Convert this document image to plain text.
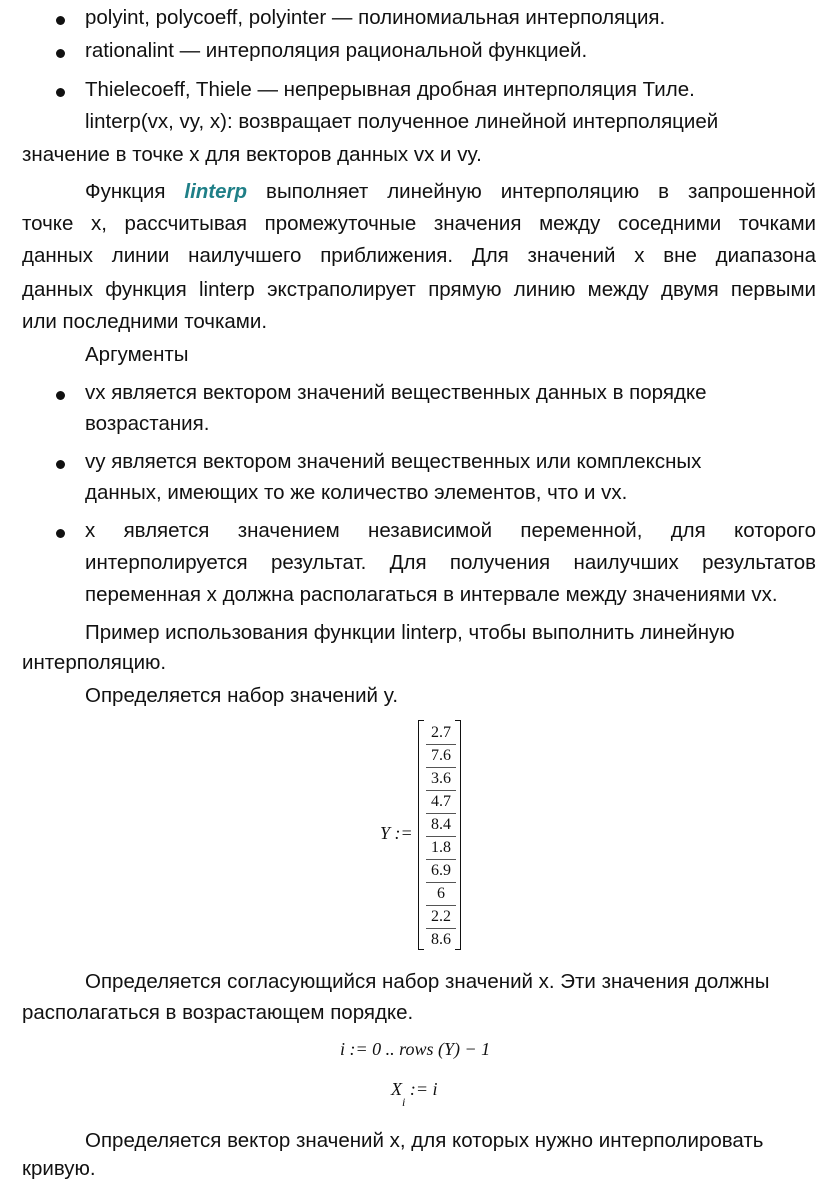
polyint, polycoeff, polyinter — полиномиальная интерполяция.
rationalint — интерполяция рациональной функцией.
Thielecoeff, Thiele — непрерывная дробная интерполяция Тиле.
linterp(vx, vy, x): возвращает полученное линейной интерполяцией
значение в точке x для векторов данных vx и vy.
Функция linterp выполняет линейную интерполяцию в запрошенной
точке x, рассчитывая промежуточные значения между соседними точками
данных линии наилучшего приближения. Для значений x вне диапазона
данных функция linterp экстраполирует прямую линию между двумя первыми
или последними точками.
Аргументы
vx является вектором значений вещественных данных в порядке
возрастания.
vy является вектором значений вещественных или комплексных
данных, имеющих то же количество элементов, что и vx.
x является значением независимой переменной, для которого
интерполируется результат. Для получения наилучших результатов
переменная x должна располагаться в интервале между значениями vx.
Пример использования функции linterp, чтобы выполнить линейную
интерполяцию.
Определяется набор значений y.
Y :=
2.7
7.6
3.6
4.7
8.4
1.8
6.9
6
2.2
8.6
Определяется согласующийся набор значений x. Эти значения должны
располагаться в возрастающем порядке.
i := 0 .. rows (Y) − 1
$X_i$ := i
Определяется вектор значений x, для которых нужно интерполировать
кривую.
